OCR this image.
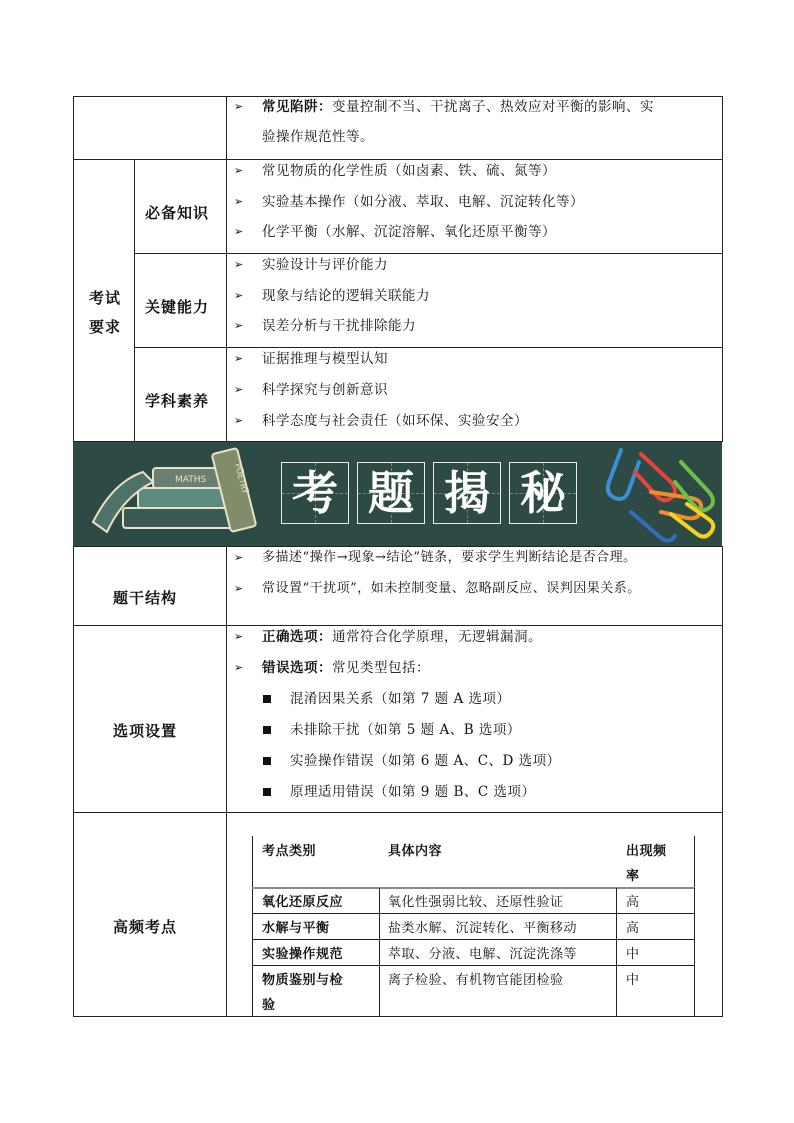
➢ 常见陷阱：变量控制不当、干扰离子、热效应对平衡的影响、实
验操作规范性等。
考试
要求
必备知识
➢ 常见物质的化学性质（如卤素、铁、硫、氮等）
➢ 实验基本操作（如分液、萃取、电解、沉淀转化等）
➢ 化学平衡（水解、沉淀溶解、氧化还原平衡等）
关键能力
➢ 实验设计与评价能力
➢ 现象与结论的逻辑关联能力
➢ 误差分析与干扰排除能力
学科素养
➢ 证据推理与模型认知
➢ 科学探究与创新意识
➢ 科学态度与社会责任（如环保、实验安全）
MATHS	POETRY 考 题 揭 秘
题干结构
➢ 多描述“操作→现象→结论”链条，要求学生判断结论是否合理。
➢ 常设置“干扰项”，如未控制变量、忽略副反应、误判因果关系。
选项设置
➢ 正确选项：通常符合化学原理，无逻辑漏洞。
➢ 错误选项：常见类型包括：
混淆因果关系（如第 7 题 A 选项）
未排除干扰（如第 5 题 A、B 选项）
实验操作错误（如第 6 题 A、C、D 选项）
原理适用错误（如第 9 题 B、C 选项）
高频考点
考点类别	具体内容	出现频
率
氧化还原反应	氧化性强弱比较、还原性验证	高
水解与平衡	盐类水解、沉淀转化、平衡移动	高
实验操作规范	萃取、分液、电解、沉淀洗涤等	中
物质鉴别与检
验
离子检验、有机物官能团检验	中
